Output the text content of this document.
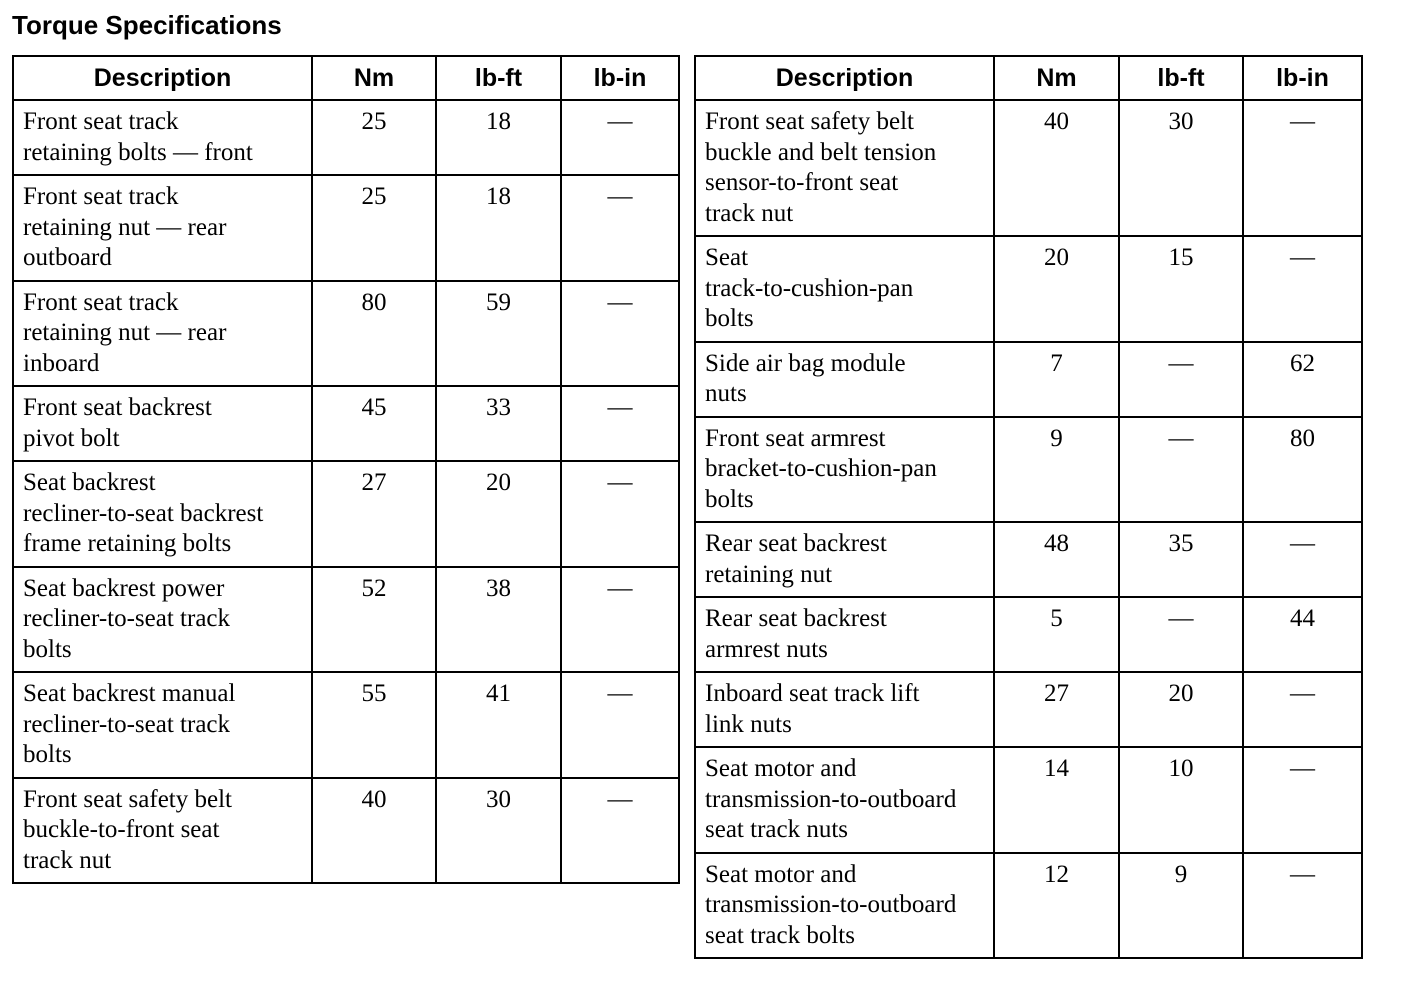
Torque Specifications
Description	Nm	lb-ft	lb-in

Front seat track
retaining bolts — front	25	18	—

Front seat track
retaining nut — rear
outboard	25	18	—

Front seat track
retaining nut — rear
inboard	80	59	—

Front seat backrest
pivot bolt	45	33	—

Seat backrest
recliner-to-seat backrest
frame retaining bolts	27	20	—

Seat backrest power
recliner-to-seat track
bolts	52	38	—

Seat backrest manual
recliner-to-seat track
bolts	55	41	—

Front seat safety belt
buckle-to-front seat
track nut	40	30	—
Description	Nm	lb-ft	lb-in

Front seat safety belt
buckle and belt tension
sensor-to-front seat
track nut	40	30	—

Seat
track-to-cushion-pan
bolts	20	15	—

Side air bag module
nuts	7	—	62

Front seat armrest
bracket-to-cushion-pan
bolts	9	—	80

Rear seat backrest
retaining nut	48	35	—

Rear seat backrest
armrest nuts	5	—	44

Inboard seat track lift
link nuts	27	20	—

Seat motor and
transmission-to-outboard
seat track nuts	14	10	—

Seat motor and
transmission-to-outboard
seat track bolts	12	9	—
